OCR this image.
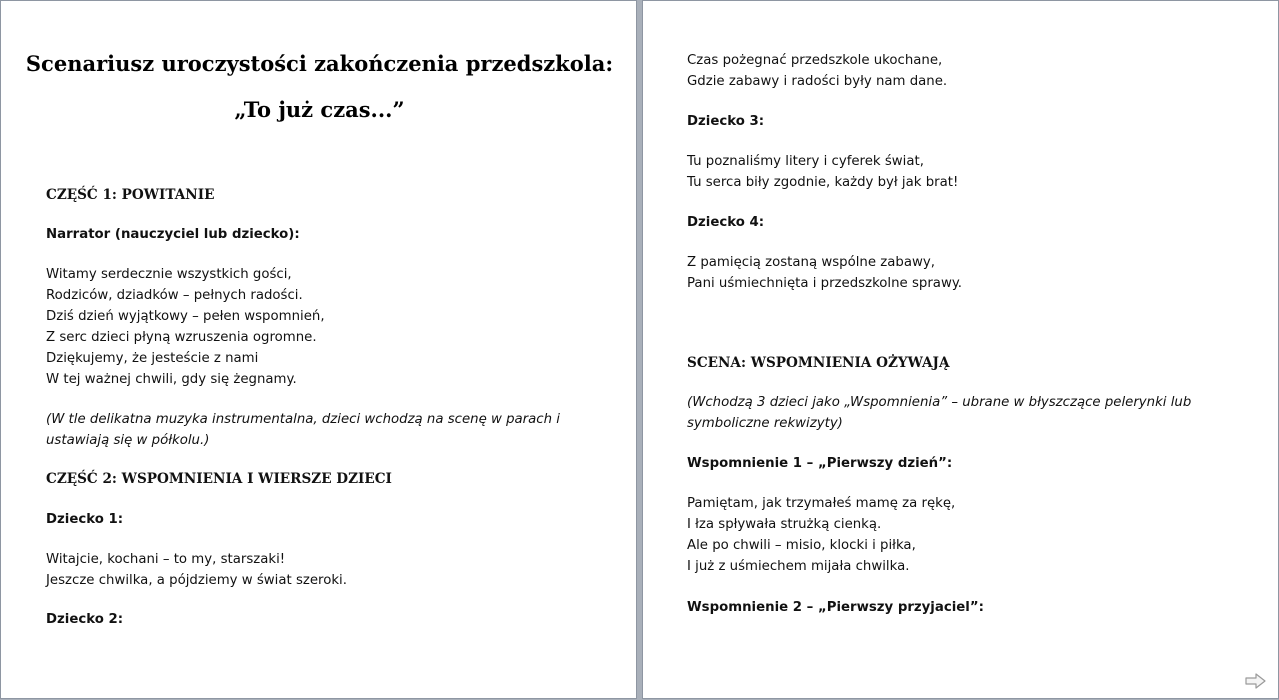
Scenariusz uroczystości zakończenia przedszkola:
„To już czas...”
CZĘŚĆ 1: POWITANIE
Narrator (nauczyciel lub dziecko):
Witamy serdecznie wszystkich gości,
Rodziców, dziadków – pełnych radości.
Dziś dzień wyjątkowy – pełen wspomnień,
Z serc dzieci płyną wzruszenia ogromne.
Dziękujemy, że jesteście z nami
W tej ważnej chwili, gdy się żegnamy.
(W tle delikatna muzyka instrumentalna, dzieci wchodzą na scenę w parach i ustawiają się w półkolu.)
CZĘŚĆ 2: WSPOMNIENIA I WIERSZE DZIECI
Dziecko 1:
Witajcie, kochani – to my, starszaki!
Jeszcze chwilka, a pójdziemy w świat szeroki.
Dziecko 2:
Czas pożegnać przedszkole ukochane,
Gdzie zabawy i radości były nam dane.
Dziecko 3:
Tu poznaliśmy litery i cyferek świat,
Tu serca biły zgodnie, każdy był jak brat!
Dziecko 4:
Z pamięcią zostaną wspólne zabawy,
Pani uśmiechnięta i przedszkolne sprawy.
SCENA: WSPOMNIENIA OŻYWAJĄ
(Wchodzą 3 dzieci jako „Wspomnienia” – ubrane w błyszczące pelerynki lub symboliczne rekwizyty)
Wspomnienie 1 – „Pierwszy dzień”:
Pamiętam, jak trzymałeś mamę za rękę,
I łza spływała strużką cienką.
Ale po chwili – misio, klocki i piłka,
I już z uśmiechem mijała chwilka.
Wspomnienie 2 – „Pierwszy przyjaciel”:
